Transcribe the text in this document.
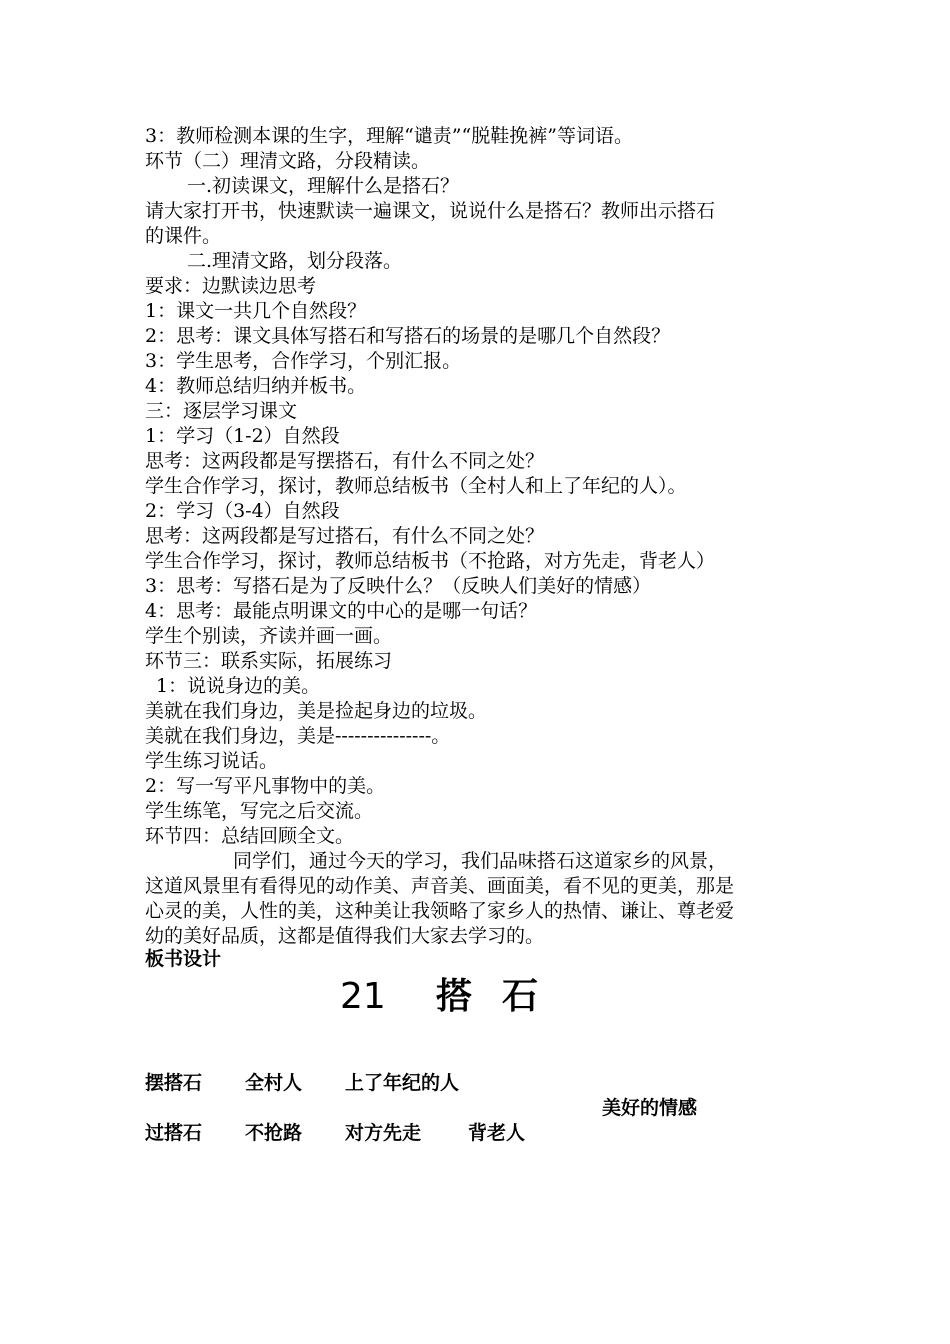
3：教师检测本课的生字，理解“谴责”“脱鞋挽裤”等词语。
环节（二）理清文路，分段精读。
一.初读课文，理解什么是搭石？
请大家打开书，快速默读一遍课文，说说什么是搭石？教师出示搭石
的课件。
二.理清文路，划分段落。
要求：边默读边思考
1：课文一共几个自然段？
2：思考：课文具体写搭石和写搭石的场景的是哪几个自然段？
3：学生思考，合作学习，个别汇报。
4：教师总结归纳并板书。
三：逐层学习课文
1：学习（1-2）自然段
思考：这两段都是写摆搭石，有什么不同之处？
学生合作学习，探讨，教师总结板书（全村人和上了年纪的人）。
2：学习（3-4）自然段
思考：这两段都是写过搭石，有什么不同之处？
学生合作学习，探讨，教师总结板书（不抢路，对方先走，背老人）
3：思考：写搭石是为了反映什么？（反映人们美好的情感）
4：思考：最能点明课文的中心的是哪一句话？
学生个别读，齐读并画一画。
环节三：联系实际，拓展练习
1：说说身边的美。
美就在我们身边，美是捡起身边的垃圾。
美就在我们身边，美是---------------。
学生练习说话。
2：写一写平凡事物中的美。
学生练笔，写完之后交流。
环节四：总结回顾全文。
同学们，通过今天的学习，我们品味搭石这道家乡的风景，
这道风景里有看得见的动作美、声音美、画面美，看不见的更美，那是
心灵的美，人性的美，这种美让我领略了家乡人的热情、谦让、尊老爱
幼的美好品质，这都是值得我们大家去学习的。
板书设计
21 搭 石
摆搭石 全村人 上了年纪的人
美好的情感
过搭石 不抢路 对方先走 背老人
